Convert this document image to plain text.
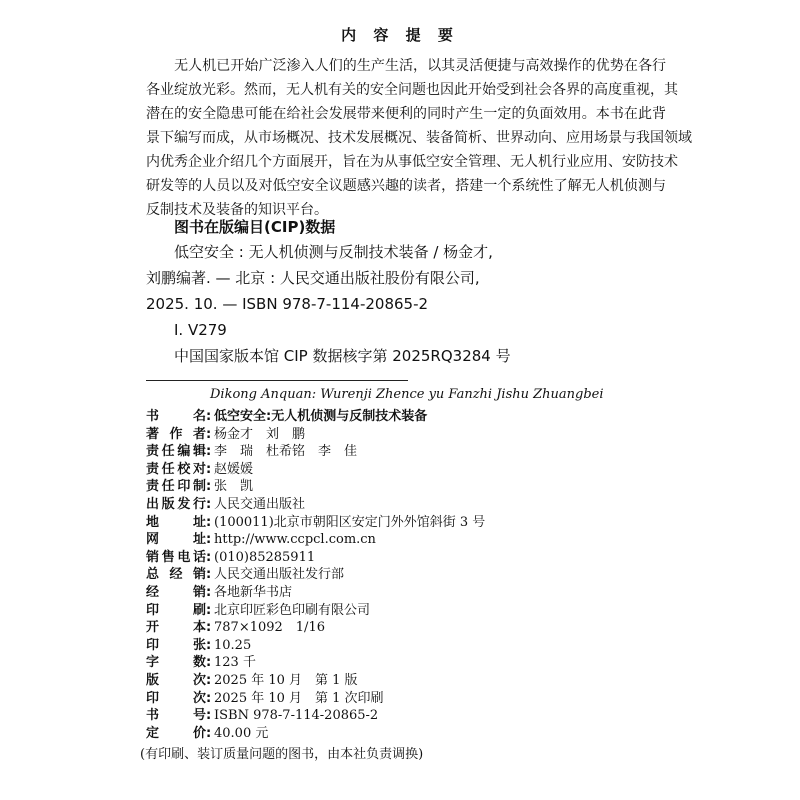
内 容 提 要
　　无人机已开始广泛渗入人们的生产生活，以其灵活便捷与高效操作的优势在各行
各业绽放光彩。然而，无人机有关的安全问题也因此开始受到社会各界的高度重视，其
潜在的安全隐患可能在给社会发展带来便利的同时产生一定的负面效用。本书在此背
景下编写而成，从市场概况、技术发展概况、装备简析、世界动向、应用场景与我国领域
内优秀企业介绍几个方面展开，旨在为从事低空安全管理、无人机行业应用、安防技术
研发等的人员以及对低空安全议题感兴趣的读者，搭建一个系统性了解无人机侦测与
反制技术及装备的知识平台。
图书在版编目(CIP)数据
低空安全 : 无人机侦测与反制技术装备 / 杨金才,
刘鹏编著. — 北京 : 人民交通出版社股份有限公司,
2025. 10. — ISBN 978-7-114-20865-2
Ⅰ. V279
中国国家版本馆 CIP 数据核字第 2025RQ3284 号
Dikong Anquan: Wurenji Zhence yu Fanzhi Jishu Zhuangbei
书	名 : 低空安全:无人机侦测与反制技术装备
著 作 者 : 杨金才　刘　鹏
责 任 编 辑 : 李　瑞　杜希铭　李　佳
责 任 校 对 : 赵媛媛
责 任 印 制 : 张　凯
出 版 发 行 : 人民交通出版社
地	址 : (100011)北京市朝阳区安定门外外馆斜街 3 号
网	址 : http://www.ccpcl.com.cn
销 售 电 话 : (010)85285911
总 经 销 : 人民交通出版社发行部
经	销 : 各地新华书店
印	刷 : 北京印匠彩色印刷有限公司
开	本 : 787×1092　1/16
印	张 : 10.25
字	数 : 123 千
版	次 : 2025 年 10 月　第 1 版
印	次 : 2025 年 10 月　第 1 次印刷
书	号 : ISBN 978-7-114-20865-2
定	价 : 40.00 元
(有印刷、装订质量问题的图书，由本社负责调换)
